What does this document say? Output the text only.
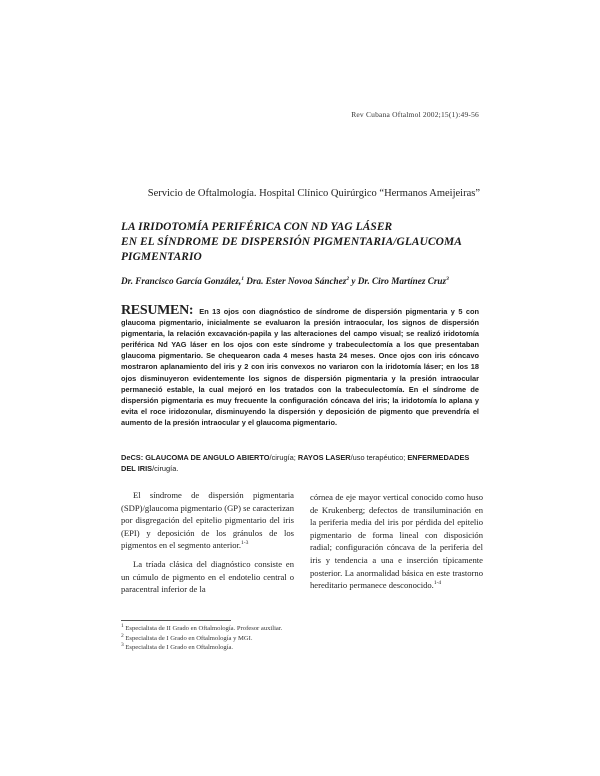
Rev Cubana Oftalmol 2002;15(1):49-56
Servicio de Oftalmología. Hospital Clínico Quirúrgico “Hermanos Ameijeiras”
LA IRIDOTOMÍA PERIFÉRICA CON ND YAG LÁSER
EN EL SÍNDROME DE DISPERSIÓN PIGMENTARIA/GLAUCOMA
PIGMENTARIO
Dr. Francisco García González,$^1$ Dra. Ester Novoa Sánchez$^2$ y Dr. Ciro Martínez Cruz$^3$
RESUMEN: En 13 ojos con diagnóstico de síndrome de dispersión pigmentaria y 5 con glaucoma pigmentario, inicialmente se evaluaron la presión intraocular, los signos de dispersión pigmentaria, la relación excavación-papila y las alteraciones del campo visual; se realizó iridotomía periférica Nd YAG láser en los ojos con este síndrome y trabeculectomía a los que presentaban glaucoma pigmentario. Se chequearon cada 4 meses hasta 24 meses. Once ojos con iris cóncavo mostraron aplanamiento del iris y 2 con iris convexos no variaron con la iridotomía láser; en los 18 ojos disminuyeron evidentemente los signos de dispersión pigmentaria y la presión intraocular permaneció estable, la cual mejoró en los tratados con la trabeculectomía. En el síndrome de dispersión pigmentaria es muy frecuente la configuración cóncava del iris; la iridotomía lo aplana y evita el roce iridozonular, disminuyendo la dispersión y deposición de pigmento que prevendría el aumento de la presión intraocular y el glaucoma pigmentario.
DeCS: GLAUCOMA DE ANGULO ABIERTO/cirugía; RAYOS LASER/uso terapéutico; ENFERMEDADES DEL IRIS/cirugía.

El síndrome de dispersión pigmentaria (SDP)/glaucoma pigmentario (GP) se caracterizan por disgregación del epitelio pigmentario del iris (EPI) y deposición de los gránulos de los pigmentos en el segmento anterior.$^{1-3}$

La tríada clásica del diagnóstico consiste en un cúmulo de pigmento en el endotelio central o paracentral inferior de la

córnea de eje mayor vertical conocido como huso de Krukenberg; defectos de transiluminación en la periferia media del iris por pérdida del epitelio pigmentario de forma lineal con disposición radial; configuración cóncava de la periferia del iris y tendencia a una e inserción típicamente posterior. La anormalidad básica en este trastorno hereditario permanece desconocido.$^{1-4}$

$^1$ Especialista de II Grado en Oftalmología. Profesor auxiliar.
$^2$ Especialista de I Grado en Oftalmología y MGI.
$^3$ Especialista de I Grado en Oftalmología.
